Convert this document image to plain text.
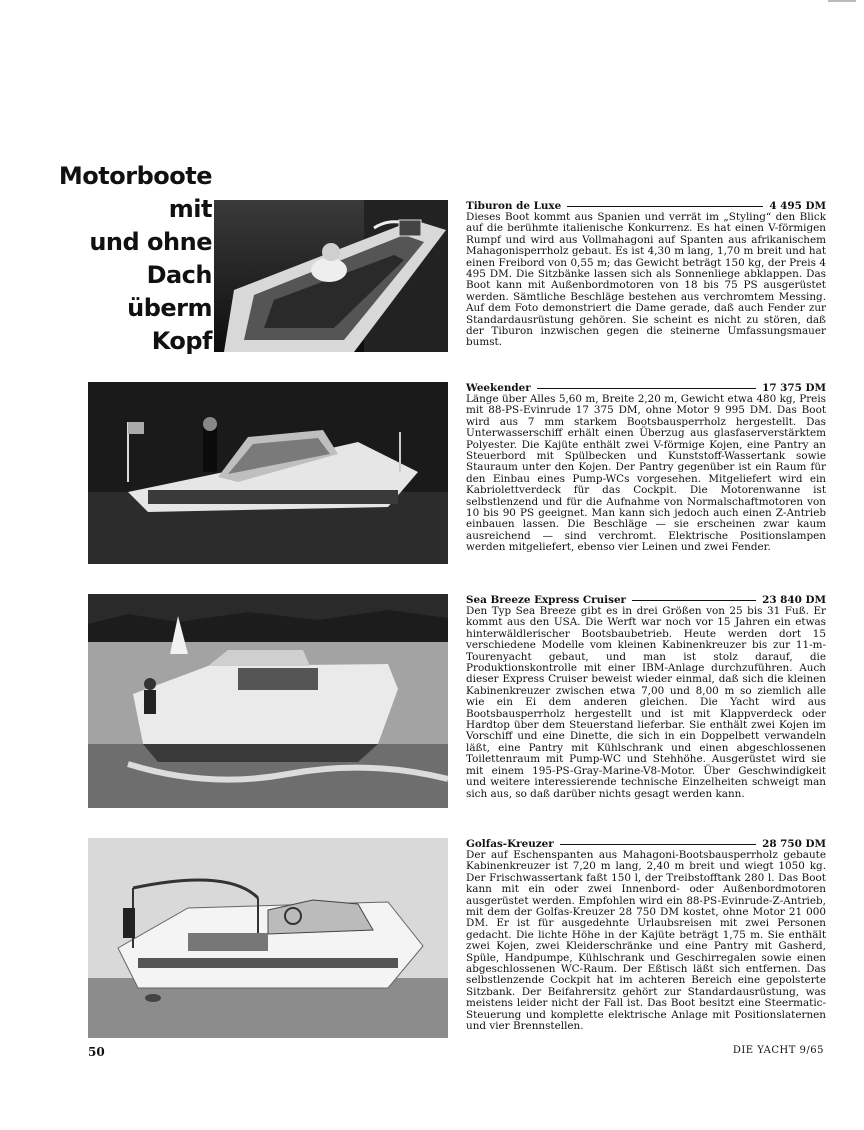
Motorboote
mit
und ohne
Dach
überm
Kopf
Tiburon de Luxe	4 495 DM

Dieses Boot kommt aus Spanien und verrät im „Styling“ den Blick auf die berühmte italienische Konkurrenz. Es hat einen V-förmigen Rumpf und wird aus Vollmahagoni auf Spanten aus afrikanischem Mahagonisperrholz gebaut. Es ist 4,30 m lang, 1,70 m breit und hat einen Freibord von 0,55 m; das Gewicht beträgt 150 kg, der Preis 4 495 DM. Die Sitzbänke lassen sich als Sonnenliege abklappen. Das Boot kann mit Außenbordmotoren von 18 bis 75 PS ausgerüstet werden. Sämtliche Beschläge bestehen aus verchromtem Messing. Auf dem Foto demonstriert die Dame gerade, daß auch Fender zur Standardausrüstung gehören. Sie scheint es nicht zu stören, daß der Tiburon inzwischen gegen die steinerne Umfassungsmauer bumst.

Weekender	17 375 DM

Länge über Alles 5,60 m, Breite 2,20 m, Gewicht etwa 480 kg, Preis mit 88-PS-Evinrude 17 375 DM, ohne Motor 9 995 DM. Das Boot wird aus 7 mm starkem Bootsbausperrholz hergestellt. Das Unterwasserschiff erhält einen Überzug aus glasfaserverstärktem Polyester. Die Kajüte enthält zwei V-förmige Kojen, eine Pantry an Steuerbord mit Spülbecken und Kunststoff-Wassertank sowie Stauraum unter den Kojen. Der Pantry gegenüber ist ein Raum für den Einbau eines Pump-WCs vorgesehen. Mitgeliefert wird ein Kabriolettverdeck für das Cockpit. Die Motorenwanne ist selbstlenzend und für die Aufnahme von Normalschaftmotoren von 10 bis 90 PS geeignet. Man kann sich jedoch auch einen Z-Antrieb einbauen lassen. Die Beschläge — sie erscheinen zwar kaum ausreichend — sind verchromt. Elektrische Positionslampen werden mitgeliefert, ebenso vier Leinen und zwei Fender.

Sea Breeze Express Cruiser	23 840 DM

Den Typ Sea Breeze gibt es in drei Größen von 25 bis 31 Fuß. Er kommt aus den USA. Die Werft war noch vor 15 Jahren ein etwas hinterwäldlerischer Bootsbaubetrieb. Heute werden dort 15 verschiedene Modelle vom kleinen Kabinenkreuzer bis zur 11-m-Tourenyacht gebaut, und man ist stolz darauf, die Produktionskontrolle mit einer IBM-Anlage durchzuführen. Auch dieser Express Cruiser beweist wieder einmal, daß sich die kleinen Kabinenkreuzer zwischen etwa 7,00 und 8,00 m so ziemlich alle wie ein Ei dem anderen gleichen. Die Yacht wird aus Bootsbausperrholz hergestellt und ist mit Klappverdeck oder Hardtop über dem Steuerstand lieferbar. Sie enthält zwei Kojen im Vorschiff und eine Dinette, die sich in ein Doppelbett verwandeln läßt, eine Pantry mit Kühlschrank und einen abgeschlossenen Toilettenraum mit Pump-WC und Stehhöhe. Ausgerüstet wird sie mit einem 195-PS-Gray-Marine-V8-Motor. Über Geschwindigkeit und weitere interessierende technische Einzelheiten schweigt man sich aus, so daß darüber nichts gesagt werden kann.

Golfas-Kreuzer	28 750 DM

Der auf Eschenspanten aus Mahagoni-Bootsbausperrholz gebaute Kabinenkreuzer ist 7,20 m lang, 2,40 m breit und wiegt 1050 kg. Der Frischwassertank faßt 150 l, der Treibstofftank 280 l. Das Boot kann mit ein oder zwei Innenbord- oder Außenbordmotoren ausgerüstet werden. Empfohlen wird ein 88-PS-Evinrude-Z-Antrieb, mit dem der Golfas-Kreuzer 28 750 DM kostet, ohne Motor 21 000 DM. Er ist für ausgedehnte Urlaubsreisen mit zwei Personen gedacht. Die lichte Höhe in der Kajüte beträgt 1,75 m. Sie enthält zwei Kojen, zwei Kleiderschränke und eine Pantry mit Gasherd, Spüle, Handpumpe, Kühlschrank und Geschirregalen sowie einen abgeschlossenen WC-Raum. Der Eßtisch läßt sich entfernen. Das selbstlenzende Cockpit hat im achteren Bereich eine gepolsterte Sitzbank. Der Beifahrersitz gehört zur Standardausrüstung, was meistens leider nicht der Fall ist. Das Boot besitzt eine Steermatic-Steuerung und komplette elektrische Anlage mit Positionslaternen und vier Brennstellen.

50	DIE YACHT 9/65
